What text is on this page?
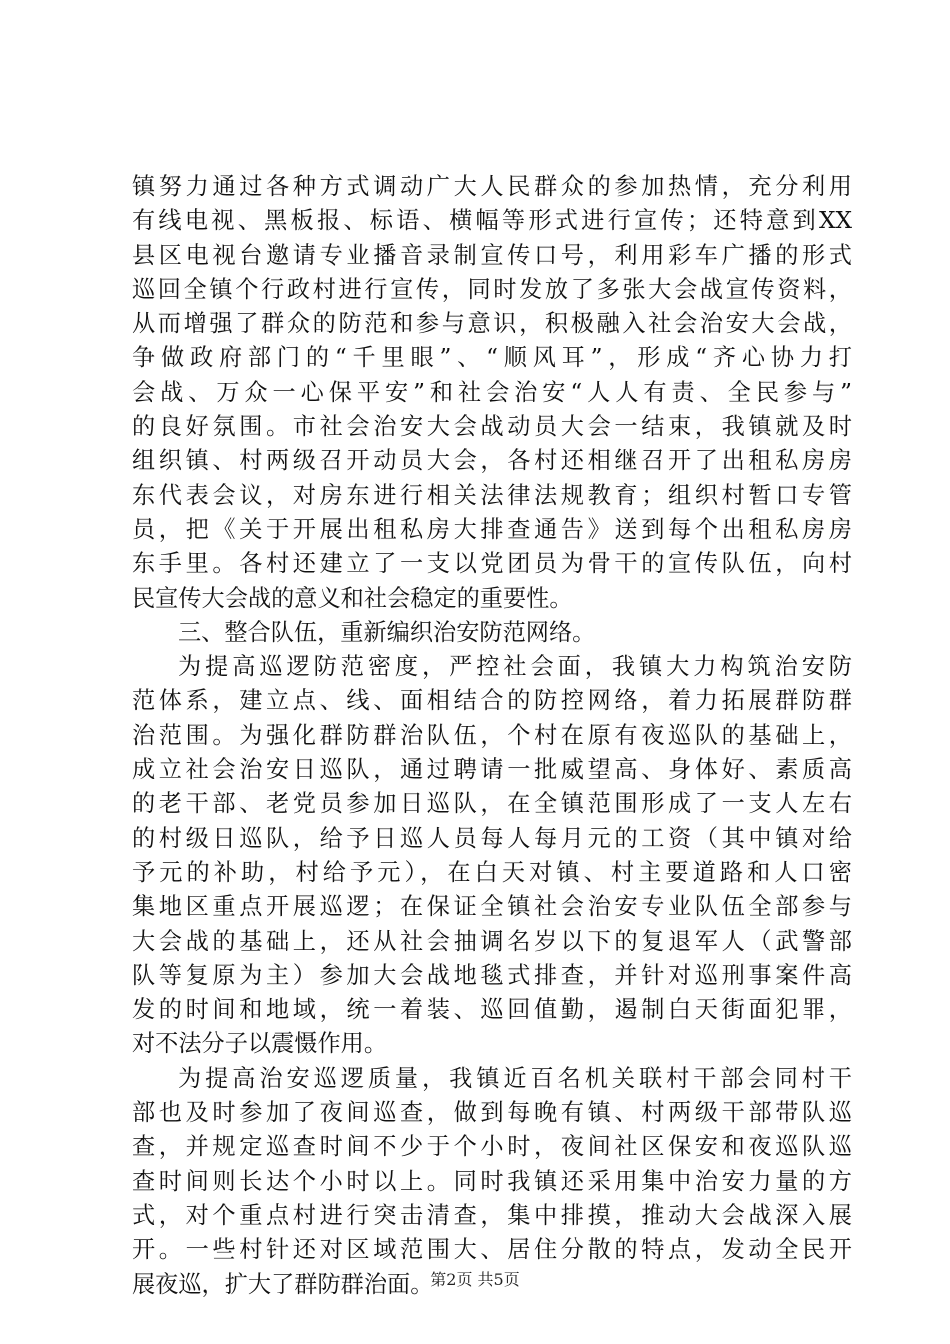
镇努力通过各种方式调动广大人民群众的参加热情，充分利用
有线电视、黑板报、标语、横幅等形式进行宣传；还特意到XX
县区电视台邀请专业播音录制宣传口号，利用彩车广播的形式
巡回全镇个行政村进行宣传，同时发放了多张大会战宣传资料，
从而增强了群众的防范和参与意识，积极融入社会治安大会战，
争做政府部门的“千里眼”、“顺风耳”，形成“齐心协力打
会战、万众一心保平安”和社会治安“人人有责、全民参与”
的良好氛围。市社会治安大会战动员大会一结束，我镇就及时
组织镇、村两级召开动员大会，各村还相继召开了出租私房房
东代表会议，对房东进行相关法律法规教育；组织村暂口专管
员，把《关于开展出租私房大排查通告》送到每个出租私房房
东手里。各村还建立了一支以党团员为骨干的宣传队伍，向村
民宣传大会战的意义和社会稳定的重要性。
三、整合队伍，重新编织治安防范网络。
为提高巡逻防范密度，严控社会面，我镇大力构筑治安防
范体系，建立点、线、面相结合的防控网络，着力拓展群防群
治范围。为强化群防群治队伍，个村在原有夜巡队的基础上，
成立社会治安日巡队，通过聘请一批威望高、身体好、素质高
的老干部、老党员参加日巡队，在全镇范围形成了一支人左右
的村级日巡队，给予日巡人员每人每月元的工资（其中镇对给
予元的补助，村给予元），在白天对镇、村主要道路和人口密
集地区重点开展巡逻；在保证全镇社会治安专业队伍全部参与
大会战的基础上，还从社会抽调名岁以下的复退军人（武警部
队等复原为主）参加大会战地毯式排查，并针对巡刑事案件高
发的时间和地域，统一着装、巡回值勤，遏制白天街面犯罪，
对不法分子以震慑作用。
为提高治安巡逻质量，我镇近百名机关联村干部会同村干
部也及时参加了夜间巡查，做到每晚有镇、村两级干部带队巡
查，并规定巡查时间不少于个小时，夜间社区保安和夜巡队巡
查时间则长达个小时以上。同时我镇还采用集中治安力量的方
式，对个重点村进行突击清查，集中排摸，推动大会战深入展
开。一些村针还对区域范围大、居住分散的特点，发动全民开
展夜巡，扩大了群防群治面。
第2页 共5页
